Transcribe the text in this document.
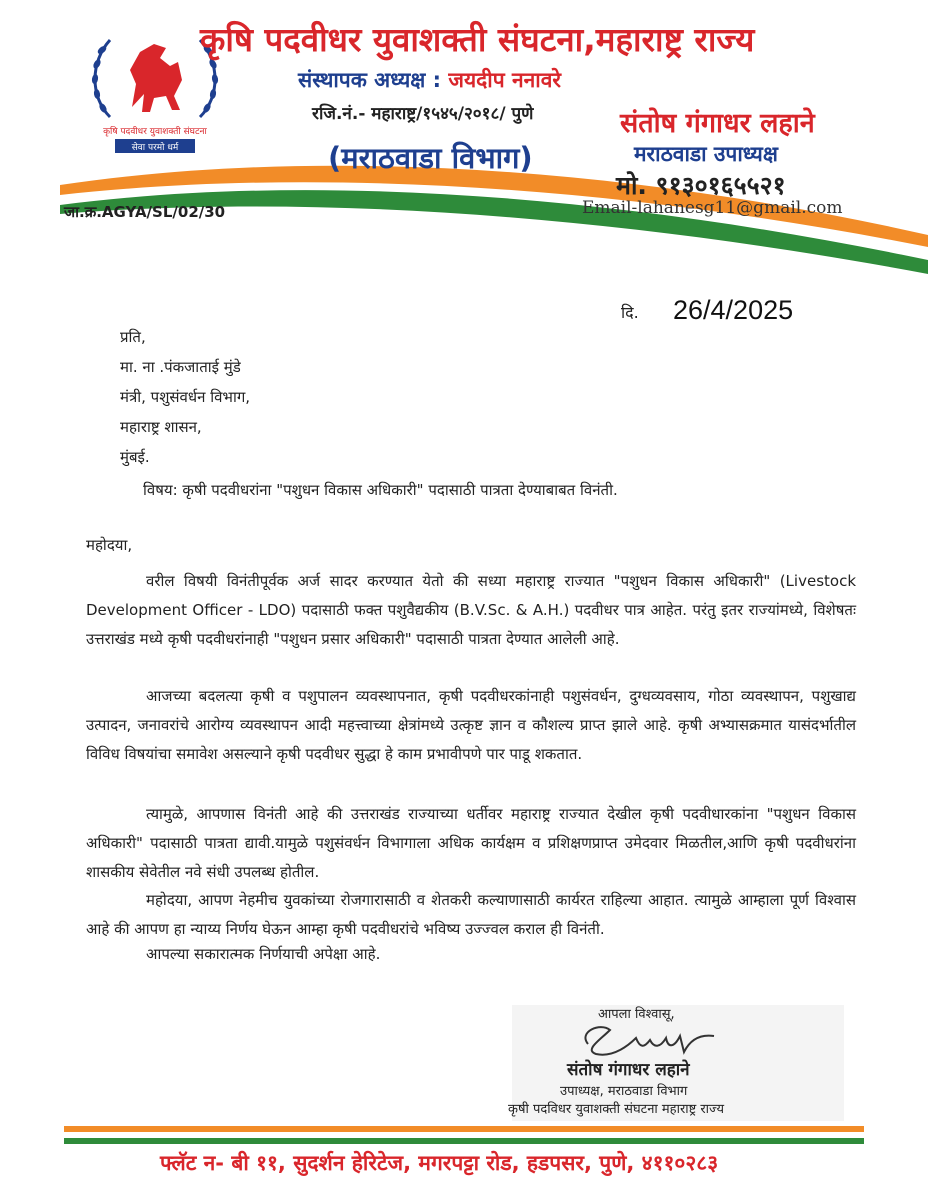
कृषि पदवीधर युवाशक्ती संघटना
सेवा परमो धर्म
कृषि पदवीधर युवाशक्ती संघटना,महाराष्ट्र राज्य
संस्थापक अध्यक्ष : जयदीप ननावरे
रजि.नं.- महाराष्ट्र/१५४५/२०१८/ पुणे
(मराठवाडा विभाग)
संतोष गंगाधर लहाने
मराठवाडा उपाध्यक्ष
मो. ९१३०१६५५२१
Email-lahanesg11@gmail.com
जा.क्र.AGYA/SL/02/30
दि. 26/4/2025
प्रति,
मा. ना .पंकजाताई मुंडे
मंत्री, पशुसंवर्धन विभाग,
महाराष्ट्र शासन,
मुंबई.
विषय: कृषी पदवीधरांना "पशुधन विकास अधिकारी" पदासाठी पात्रता देण्याबाबत विनंती.
महोदया,
वरील विषयी विनंतीपूर्वक अर्ज सादर करण्यात येतो की सध्या महाराष्ट्र राज्यात "पशुधन विकास अधिकारी" (Livestock Development Officer - LDO) पदासाठी फक्त पशुवैद्यकीय (B.V.Sc. & A.H.) पदवीधर पात्र आहेत. परंतु इतर राज्यांमध्ये, विशेषतः उत्तराखंड मध्ये कृषी पदवीधरांनाही "पशुधन प्रसार अधिकारी" पदासाठी पात्रता देण्यात आलेली आहे.
आजच्या बदलत्या कृषी व पशुपालन व्यवस्थापनात, कृषी पदवीधरकांनाही पशुसंवर्धन, दुग्धव्यवसाय, गोठा व्यवस्थापन, पशुखाद्य उत्पादन, जनावरांचे आरोग्य व्यवस्थापन आदी महत्त्वाच्या क्षेत्रांमध्ये उत्कृष्ट ज्ञान व कौशल्य प्राप्त झाले आहे. कृषी अभ्यासक्रमात यासंदर्भातील विविध विषयांचा समावेश असल्याने कृषी पदवीधर सुद्धा हे काम प्रभावीपणे पार पाडू शकतात.
त्यामुळे, आपणास विनंती आहे की उत्तराखंड राज्याच्या धर्तीवर महाराष्ट्र राज्यात देखील कृषी पदवीधारकांना "पशुधन विकास अधिकारी" पदासाठी पात्रता द्यावी.यामुळे पशुसंवर्धन विभागाला अधिक कार्यक्षम व प्रशिक्षणप्राप्त उमेदवार मिळतील,आणि कृषी पदवीधरांना शासकीय सेवेतील नवे संधी उपलब्ध होतील.
महोदया, आपण नेहमीच युवकांच्या रोजगारासाठी व शेतकरी कल्याणासाठी कार्यरत राहिल्या आहात. त्यामुळे आम्हाला पूर्ण विश्वास आहे की आपण हा न्याय्य निर्णय घेऊन आम्हा कृषी पदवीधरांचे भविष्य उज्ज्वल कराल ही विनंती.
आपल्या सकारात्मक निर्णयाची अपेक्षा आहे.
आपला विश्वासू,
Slahanl
संतोष गंगाधर लहाने
उपाध्यक्ष, मराठवाडा विभाग
कृषी पदविधर युवाशक्ती संघटना महाराष्ट्र राज्य
फ्लॅट न- बी ११, सुदर्शन हेरिटेज, मगरपट्टा रोड, हडपसर, पुणे, ४११०२८३
